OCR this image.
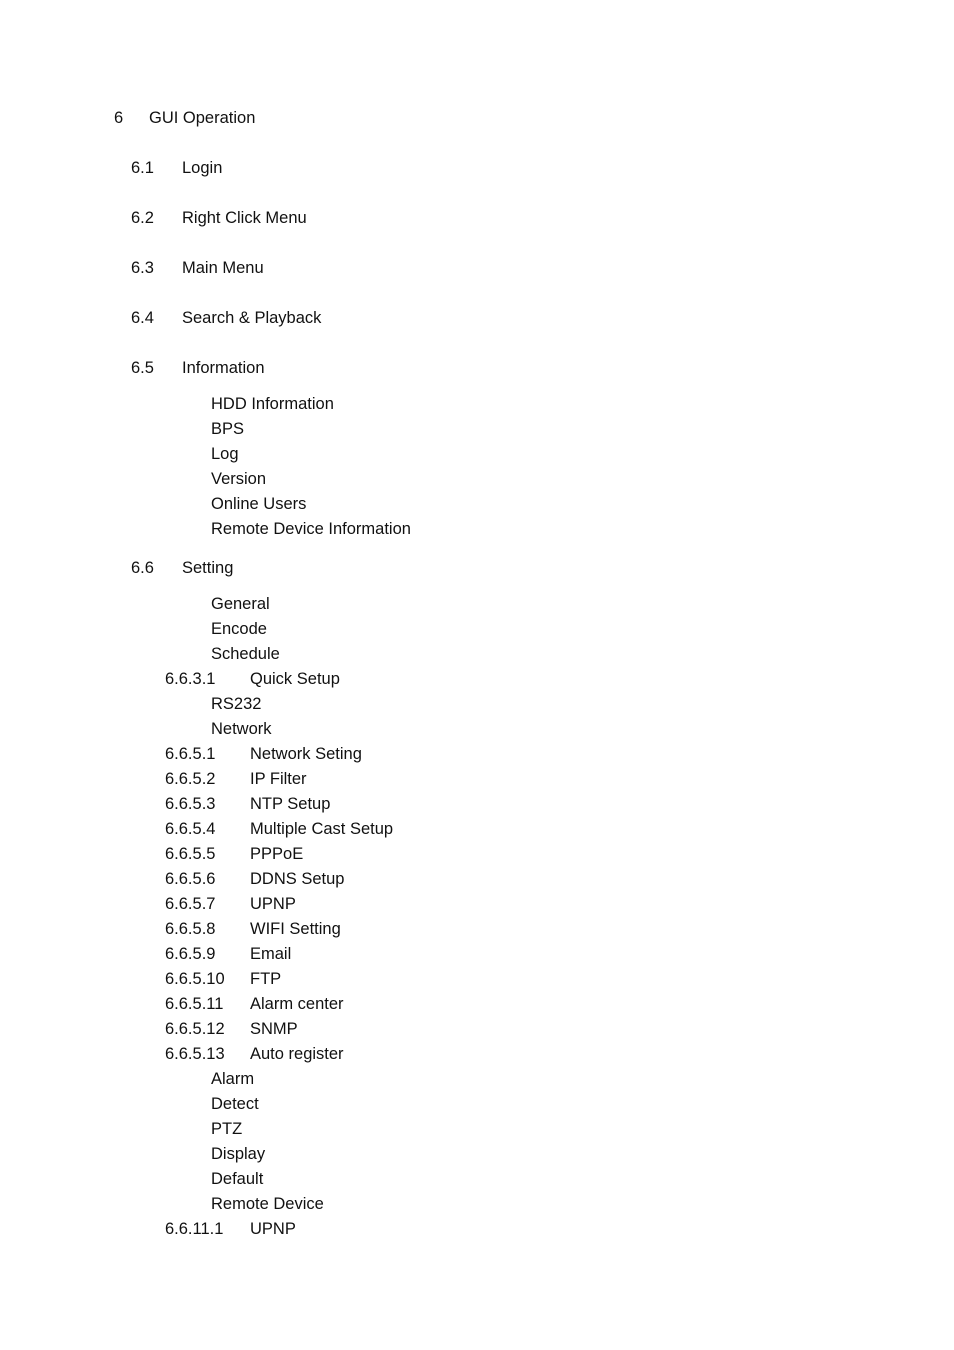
6 GUI Operation
6.1 Login
6.2 Right Click Menu
6.3 Main Menu
6.4 Search & Playback
6.5 Information
HDD Information
BPS
Log
Version
Online Users
Remote Device Information
6.6 Setting
General
Encode
Schedule
6.6.3.1 Quick Setup
RS232
Network
6.6.5.1 Network Seting
6.6.5.2 IP Filter
6.6.5.3 NTP Setup
6.6.5.4 Multiple Cast Setup
6.6.5.5 PPPoE
6.6.5.6 DDNS Setup
6.6.5.7 UPNP
6.6.5.8 WIFI Setting
6.6.5.9 Email
6.6.5.10 FTP
6.6.5.11 Alarm center
6.6.5.12 SNMP
6.6.5.13 Auto register
Alarm
Detect
PTZ
Display
Default
Remote Device
6.6.11.1 UPNP
